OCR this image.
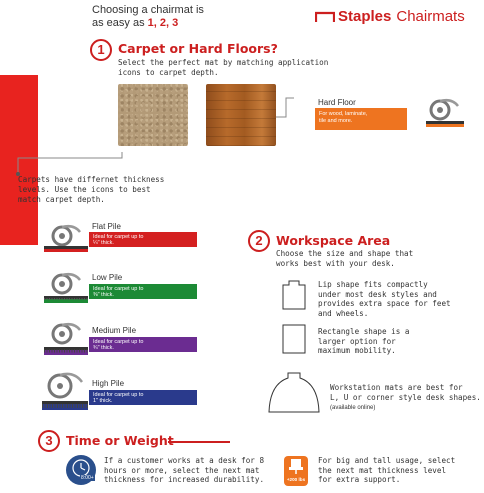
Choosing a chairmat is
as easy as 1, 2, 3	Staples Chairmats
1	Carpet or Hard Floors?
Select the perfect mat by matching application
icons to carpet depth.
Hard Floor
For wood, laminate,
tile and more.
Carpets have differnet thickness
levels. Use the icons to best
match carpet depth.
Flat Pile
Ideal for carpet up to
¼" thick.
Low Pile
Ideal for carpet up to
⅜" thick.
Medium Pile
Ideal for carpet up to
¾" thick.
High Pile
Ideal for carpet up to
1" thick.
2	Workspace Area
Choose the size and shape that
works best with your desk.
Lip shape fits compactly
under most desk styles and
provides extra space for feet
and wheels.
Rectangle shape is a
larger option for
maximum mobility.
Workstation mats are best for
L, U or corner style desk shapes.
(available online)
3	Time or Weight
8:00+
If a customer works at a desk for 8
hours or more, select the next mat
thickness for increased durability.	+200 lbs
For big and tall usage, select
the next mat thickness level
for extra support.
